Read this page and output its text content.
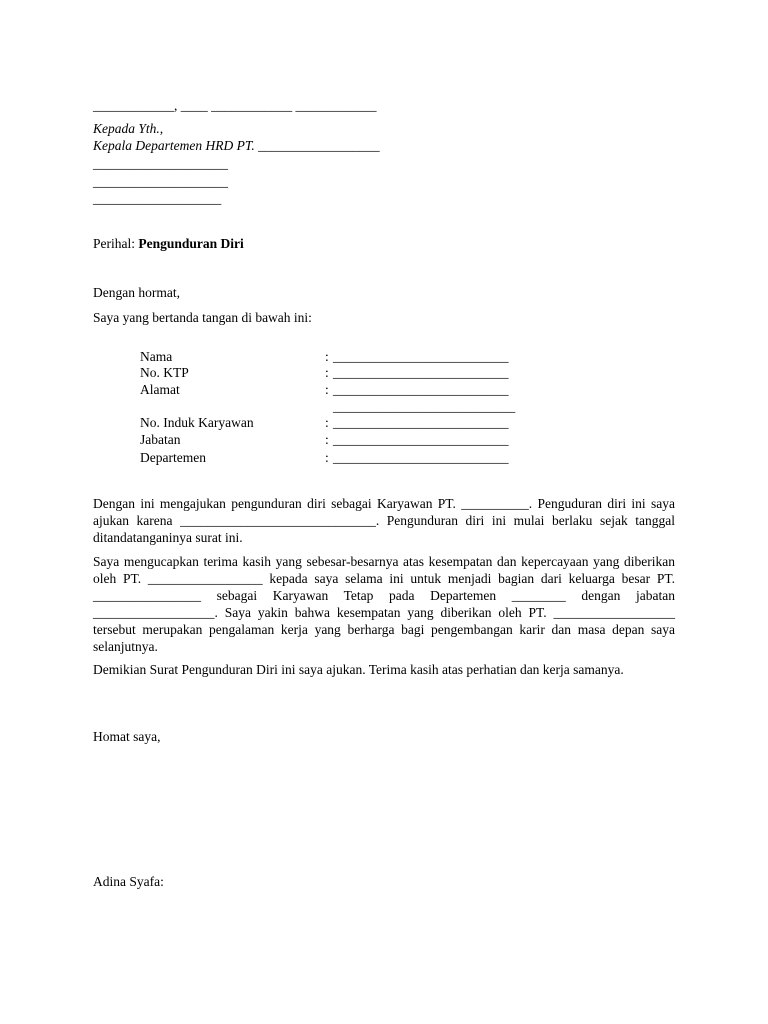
____________, ____ ____________ ____________
Kepada Yth.,
Kepala Departemen HRD PT. __________________
____________________
____________________
___________________
Perihal: Pengunduran Diri
Dengan hormat,
Saya yang bertanda tangan di bawah ini:
Nama	: __________________________
No. KTP	: __________________________
Alamat	: __________________________
___________________________
No. Induk Karyawan	: __________________________
Jabatan	: __________________________
Departemen	: __________________________
Dengan ini mengajukan pengunduran diri sebagai Karyawan PT. __________. Penguduran diri ini saya ajukan karena _____________________________. Pengunduran diri ini mulai berlaku sejak tanggal ditandatanganinya surat ini.
Saya mengucapkan terima kasih yang sebesar-besarnya atas kesempatan dan kepercayaan yang diberikan oleh PT. _________________ kepada saya selama ini untuk menjadi bagian dari keluarga besar PT. ________________ sebagai Karyawan Tetap pada Departemen ________ dengan jabatan __________________. Saya yakin bahwa kesempatan yang diberikan oleh PT. __________________ tersebut merupakan pengalaman kerja yang berharga bagi pengembangan karir dan masa depan saya selanjutnya.
Demikian Surat Pengunduran Diri ini saya ajukan. Terima kasih atas perhatian dan kerja samanya.
Homat saya,
Adina Syafa:
